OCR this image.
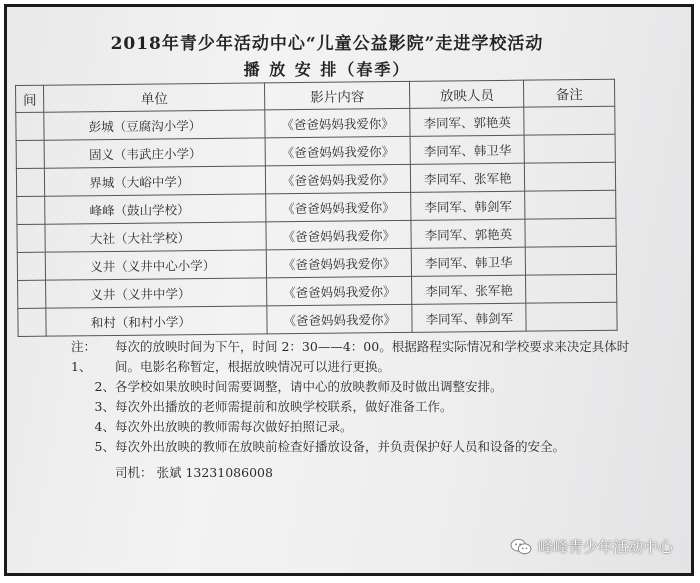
2018年青少年活动中心“儿童公益影院”走进学校活动
播 放 安 排（春季）
间	单位	影片内容	放映人员	备注
	彭城（豆腐沟小学）	《爸爸妈妈我爱你》	李同军、郭艳英	
	固义（韦武庄小学）	《爸爸妈妈我爱你》	李同军、韩卫华	
	界城（大峪中学）	《爸爸妈妈我爱你》	李同军、张军艳	
	峰峰（鼓山学校）	《爸爸妈妈我爱你》	李同军、韩剑军	
	大社（大社学校）	《爸爸妈妈我爱你》	李同军、郭艳英	
	义井（义井中心小学）	《爸爸妈妈我爱你》	李同军、韩卫华	
	义井（义井中学）	《爸爸妈妈我爱你》	李同军、张军艳	
	和村（和村小学）	《爸爸妈妈我爱你》	李同军、韩剑军	
注：1、
每次的放映时间为下午，时间 2：30——4：00。根据路程实际情况和学校要求来决定具体时间。电影名称暂定，根据放映情况可以进行更换。
2、 各学校如果放映时间需要调整，请中心的放映教师及时做出调整安排。
3、 每次外出播放的老师需提前和放映学校联系，做好准备工作。
4、 每次外出放映的教师需每次做好拍照记录。
5、 每次外出放映的教师在放映前检查好播放设备，并负责保护好人员和设备的安全。
司机： 张斌 13231086008
峰峰青少年活动中心
